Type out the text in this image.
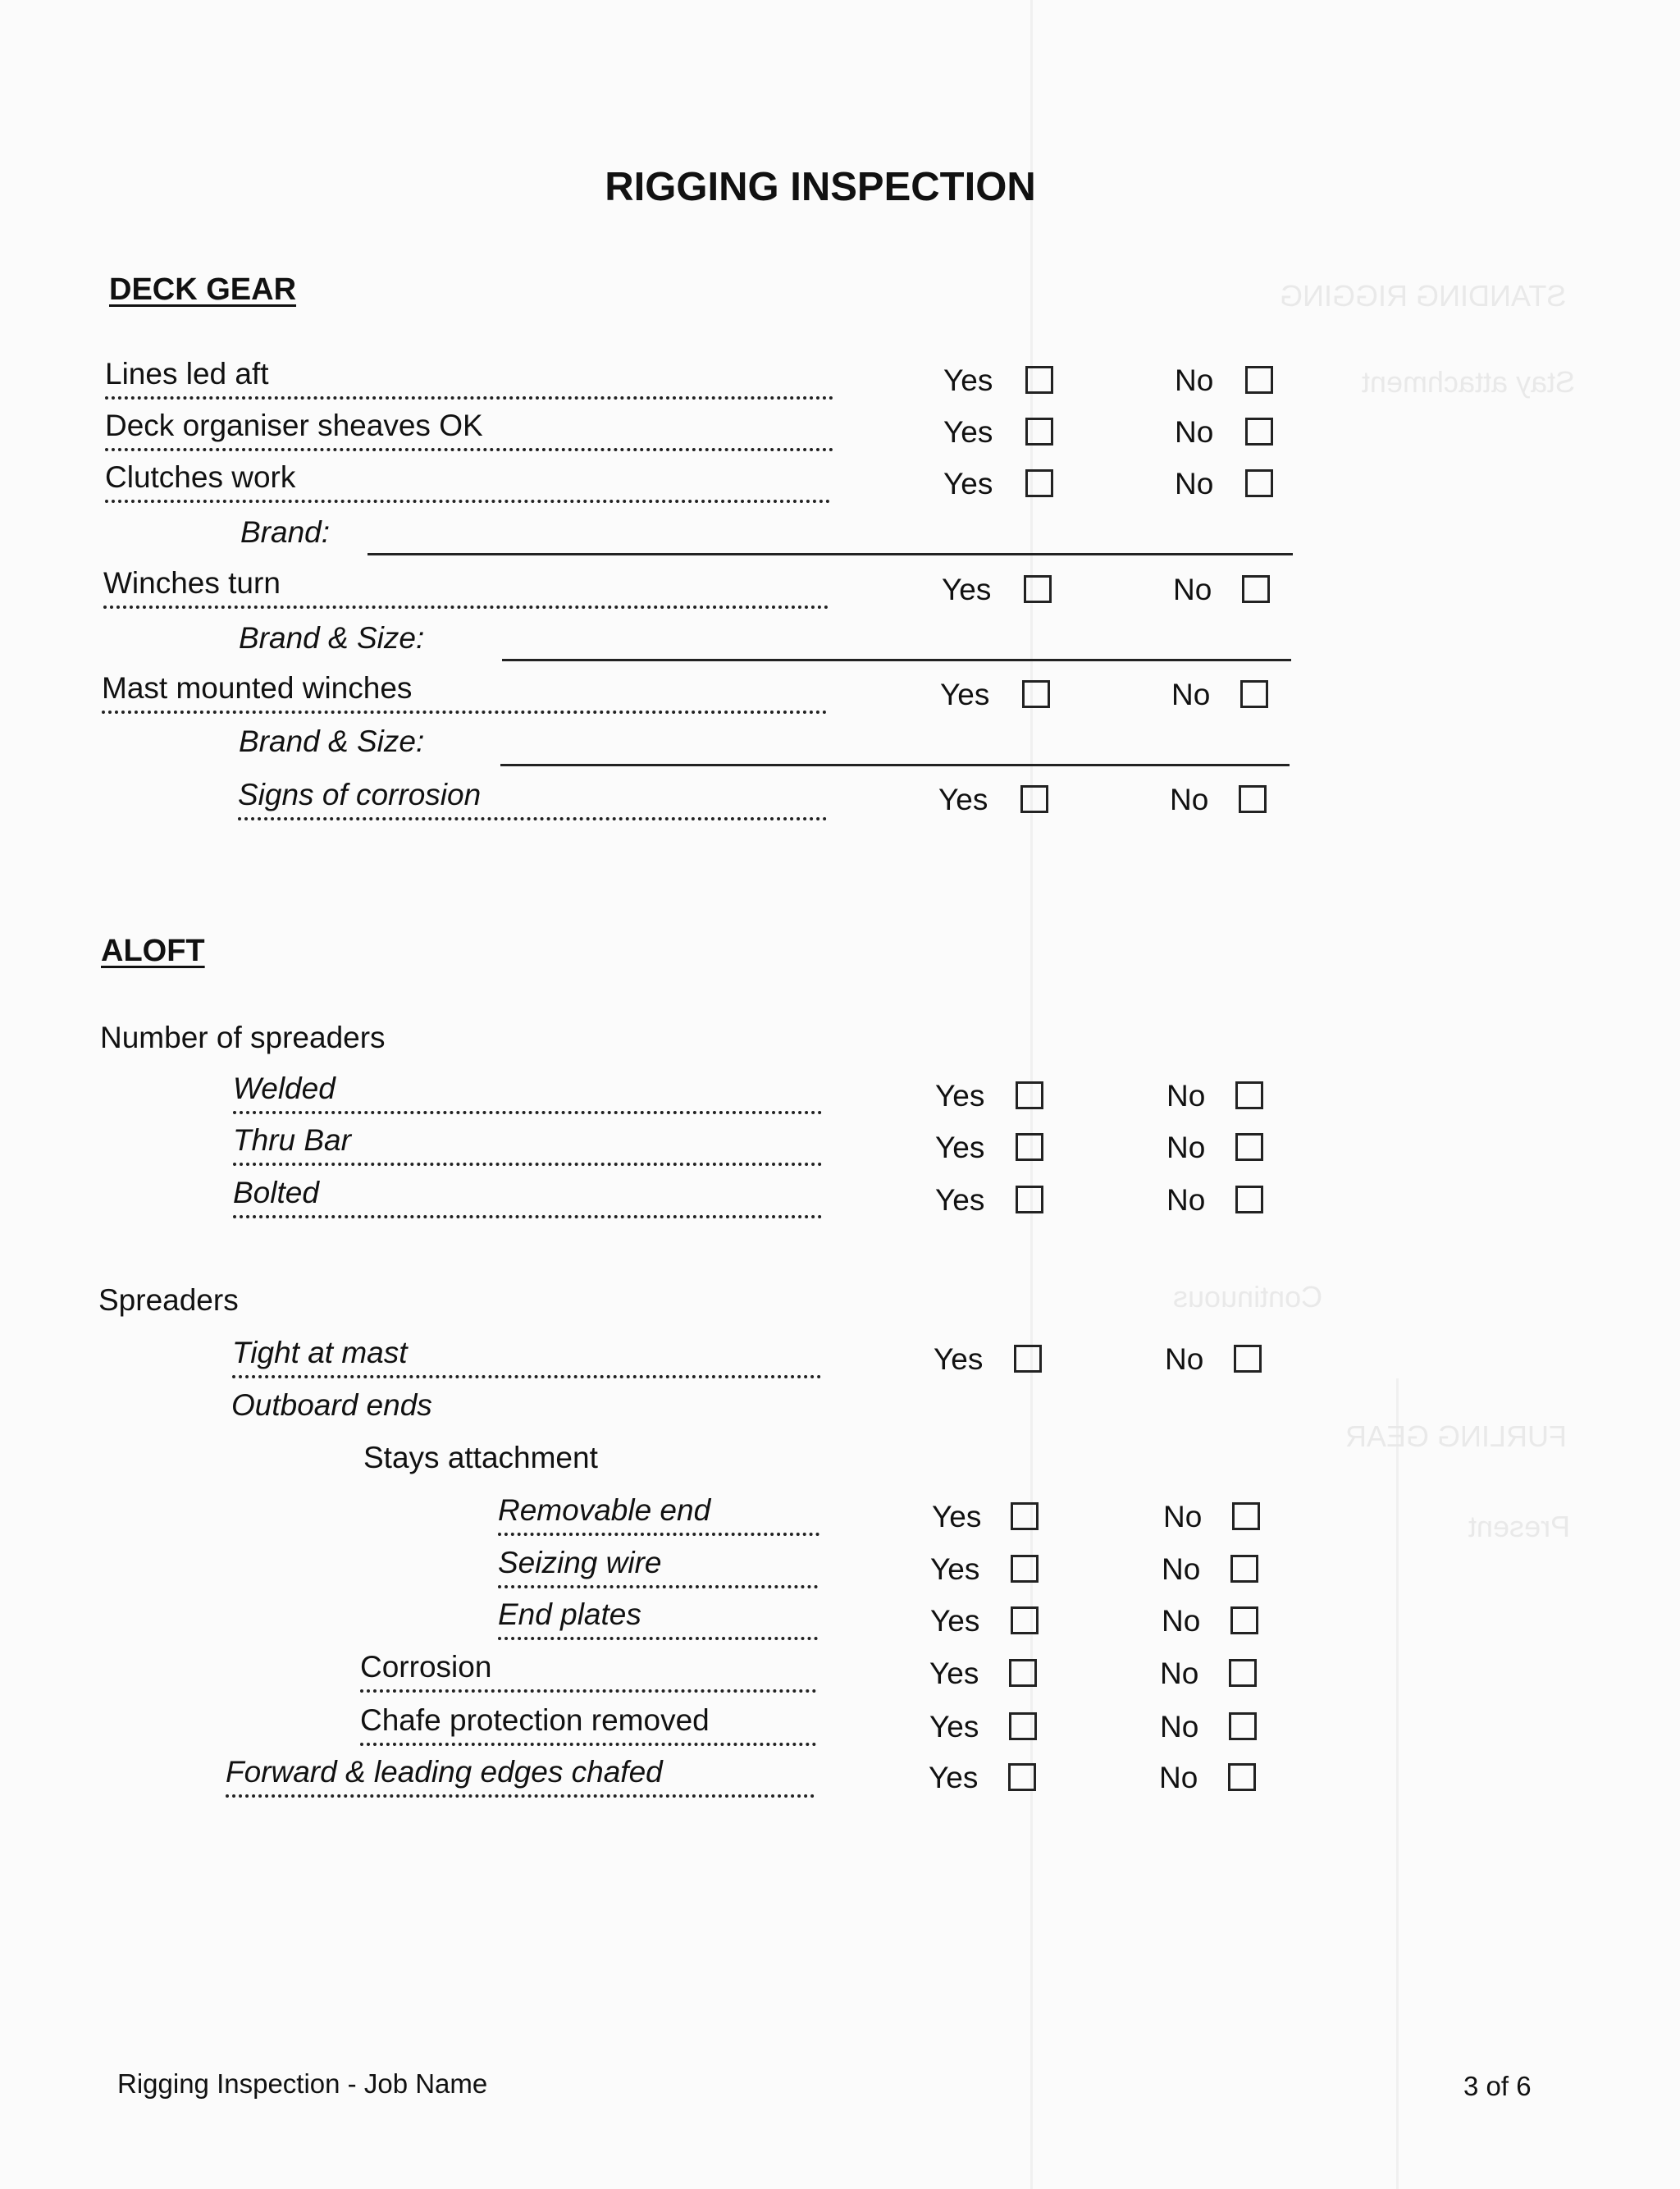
STANDING RIGGING
Stay attachment
Continuous
FURLING GEAR
Present
RIGGING INSPECTION
DECK GEAR
Lines led aft	Yes	No
Deck organiser sheaves OK	Yes	No
Clutches work	Yes	No
Brand:
Winches turn	Yes	No
Brand & Size:
Mast mounted winches	Yes	No
Brand & Size:
Signs of corrosion	Yes	No
ALOFT
Number of spreaders
Welded	Yes	No
Thru Bar	Yes	No
Bolted	Yes	No
Spreaders
Tight at mast	Yes	No
Outboard ends
Stays attachment
Removable end	Yes	No
Seizing wire	Yes	No
End plates	Yes	No
Corrosion	Yes	No
Chafe protection removed	Yes	No
Forward & leading edges chafed	Yes	No
Rigging Inspection - Job Name	3 of 6
